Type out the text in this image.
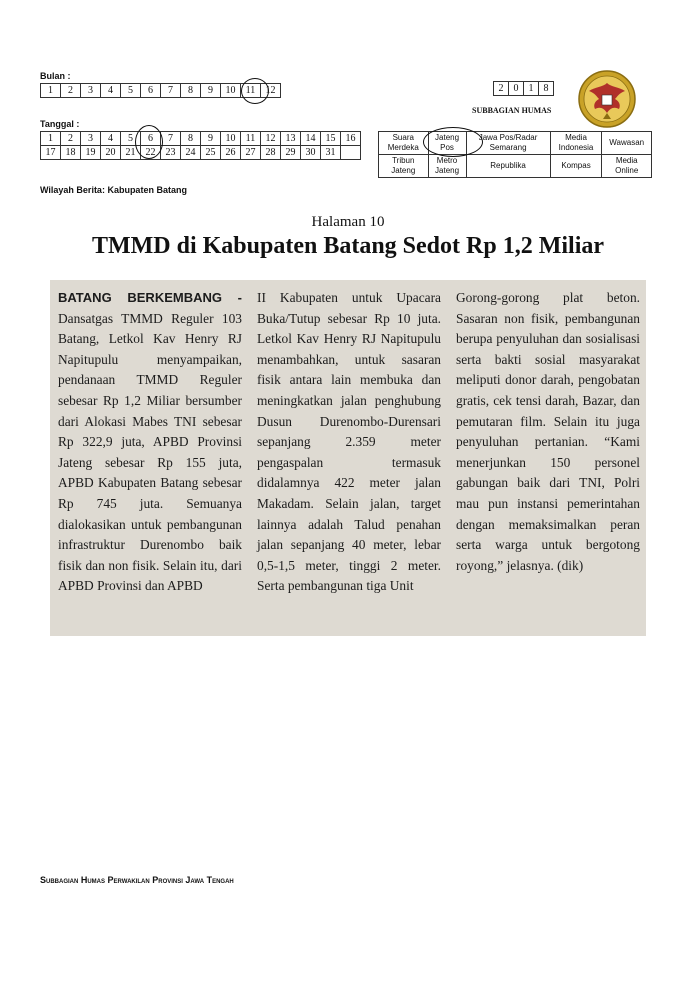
Bulan :
1	2	3	4	5	6	7	8	9	10	11	12
Tanggal :
1	2	3	4	5	6	7	8	9	10	11	12	13	14	15	16
17	18	19	20	21	22	23	24	25	26	27	28	29	30	31	
Wilayah Berita: Kabupaten Batang
2	0	1	8
SUBBAGIAN HUMAS
Suara Merdeka	Jateng Pos	Jawa Pos/Radar Semarang	Media Indonesia	Wawasan
Tribun Jateng	Metro Jateng	Republika	Kompas	Media Online
Halaman 10
TMMD di Kabupaten Batang Sedot Rp 1,2 Miliar

BATANG BERKEMBANG - Dansatgas TMMD Reguler 103 Batang, Letkol Kav Henry RJ Napitupulu menyampaikan, pendanaan TMMD Reguler sebesar Rp 1,2 Miliar bersumber dari Alokasi Mabes TNI sebesar Rp 322,9 juta, APBD Provinsi Jateng sebesar Rp 155 juta, APBD Kabupaten Batang sebesar Rp 745 juta. Semuanya dialokasikan untuk pembangunan infrastruktur Durenombo baik fisik dan non fisik. Selain itu, dari APBD Provinsi dan APBD

II Kabupaten untuk Upacara Buka/Tutup sebesar Rp 10 juta. Letkol Kav Henry RJ Napitupulu menambahkan, untuk sasaran fisik antara lain membuka dan meningkatkan jalan penghubung Dusun Durenombo-Durensari sepanjang 2.359 meter pengaspalan termasuk didalamnya 422 meter jalan Makadam. Selain jalan, target lainnya adalah Talud penahan jalan sepanjang 40 meter, lebar 0,5-1,5 meter, tinggi 2 meter. Serta pembangunan tiga Unit

Gorong-gorong plat beton. Sasaran non fisik, pembangunan berupa penyuluhan dan sosialisasi serta bakti sosial masyarakat meliputi donor darah, pengobatan gratis, cek tensi darah, Bazar, dan pemutaran film. Selain itu juga penyuluhan pertanian. “Kami menerjunkan 150 personel gabungan baik dari TNI, Polri mau pun instansi pemerintahan dengan memaksimalkan peran serta warga untuk bergotong royong,” jelasnya. (dik)

Subbagian Humas Perwakilan Provinsi Jawa Tengah
